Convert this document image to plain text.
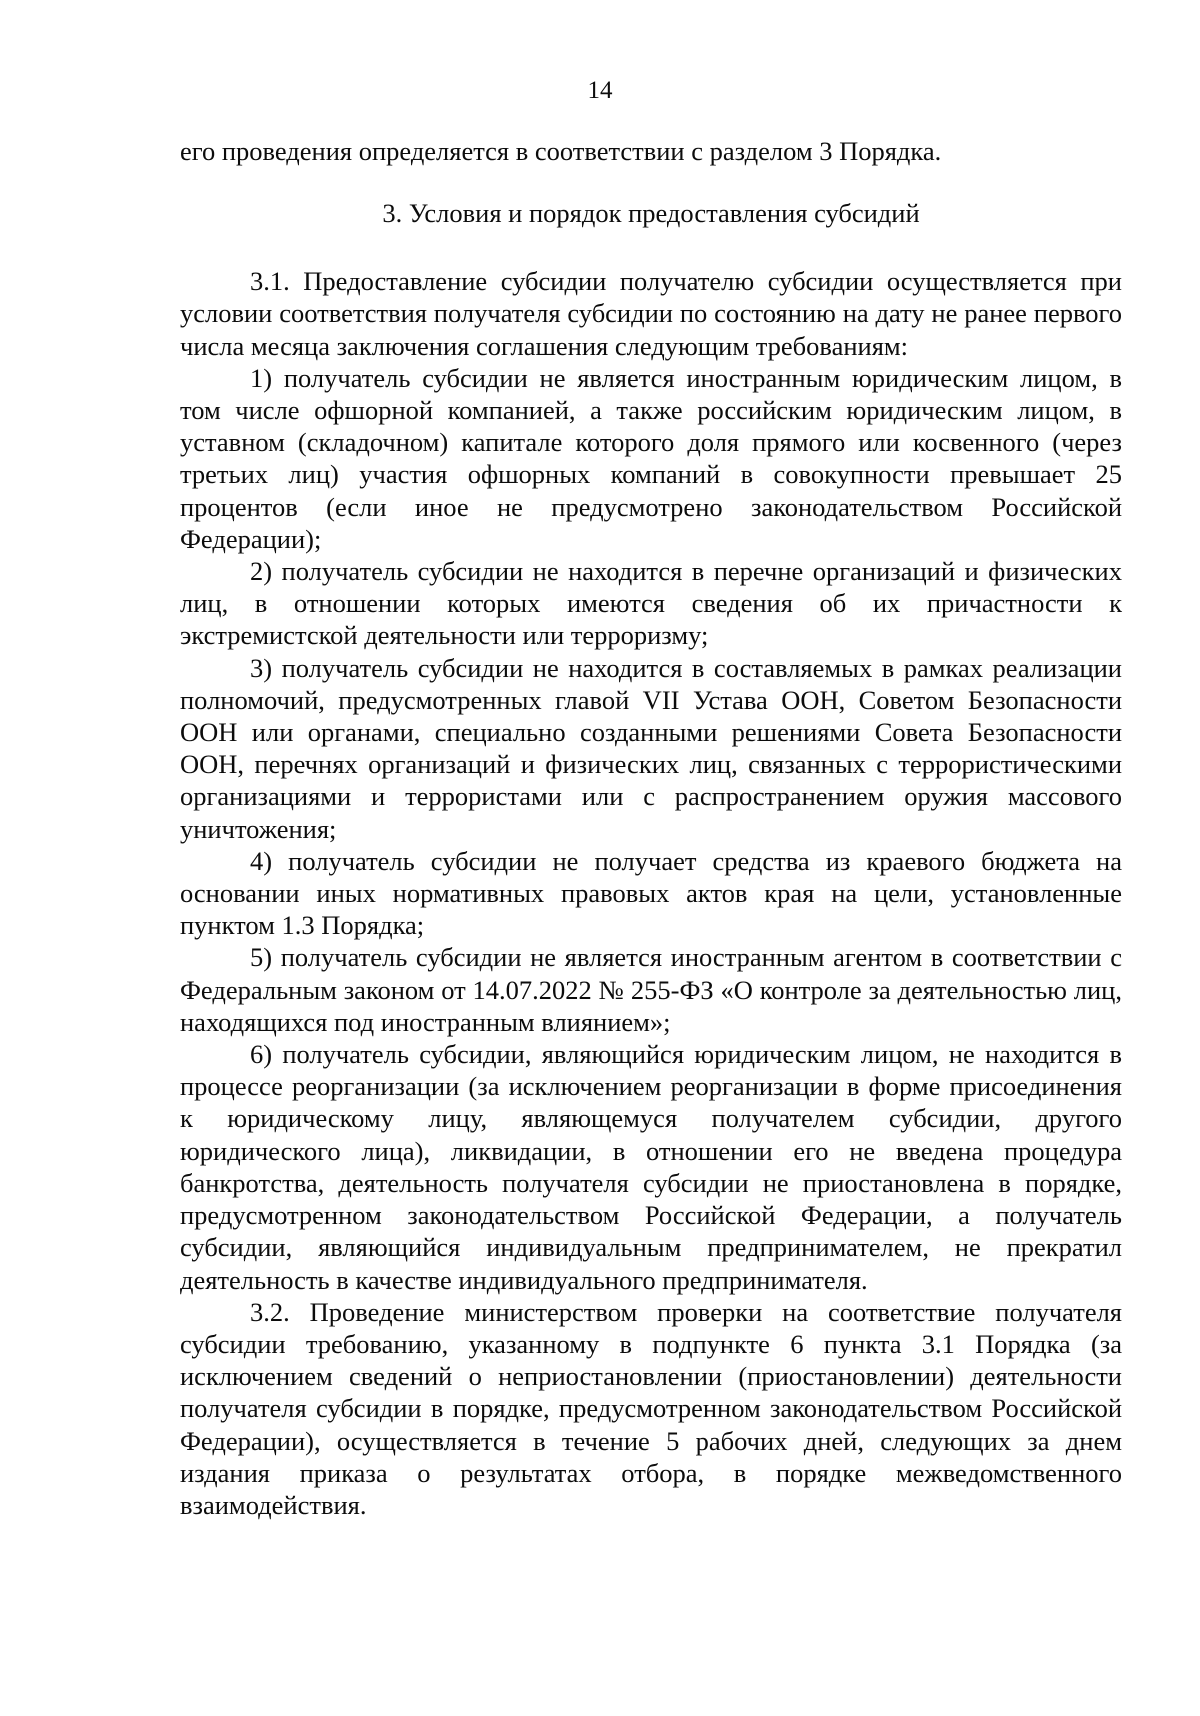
14

его проведения определяется в соответствии с разделом 3 Порядка.

3. Условия и порядок предоставления субсидий

3.1. Предоставление субсидии получателю субсидии осуществляется при условии соответствия получателя субсидии по состоянию на дату не ранее первого числа месяца заключения соглашения следующим требованиям:

1) получатель субсидии не является иностранным юридическим лицом, в том числе офшорной компанией, а также российским юридическим лицом, в уставном (складочном) капитале которого доля прямого или косвенного (через третьих лиц) участия офшорных компаний в совокупности превышает 25 процентов (если иное не предусмотрено законодательством Российской Федерации);

2) получатель субсидии не находится в перечне организаций и физических лиц, в отношении которых имеются сведения об их причастности к экстремистской деятельности или терроризму;

3) получатель субсидии не находится в составляемых в рамках реализации полномочий, предусмотренных главой VII Устава ООН, Советом Безопасности ООН или органами, специально созданными решениями Совета Безопасности ООН, перечнях организаций и физических лиц, связанных с террористическими организациями и террористами или с распространением оружия массового уничтожения;

4) получатель субсидии не получает средства из краевого бюджета на основании иных нормативных правовых актов края на цели, установленные пунктом 1.3 Порядка;

5) получатель субсидии не является иностранным агентом в соответствии с Федеральным законом от 14.07.2022 № 255-ФЗ «О контроле за деятельностью лиц, находящихся под иностранным влиянием»;

6) получатель субсидии, являющийся юридическим лицом, не находится в процессе реорганизации (за исключением реорганизации в форме присоединения к юридическому лицу, являющемуся получателем субсидии, другого юридического лица), ликвидации, в отношении его не введена процедура банкротства, деятельность получателя субсидии не приостановлена в порядке, предусмотренном законодательством Российской Федерации, а получатель субсидии, являющийся индивидуальным предпринимателем, не прекратил деятельность в качестве индивидуального предпринимателя.

3.2. Проведение министерством проверки на соответствие получателя субсидии требованию, указанному в подпункте 6 пункта 3.1 Порядка (за исключением сведений о неприостановлении (приостановлении) деятельности получателя субсидии в порядке, предусмотренном законодательством Российской Федерации), осуществляется в течение 5 рабочих дней, следующих за днем издания приказа о результатах отбора, в порядке межведомственного взаимодействия.
